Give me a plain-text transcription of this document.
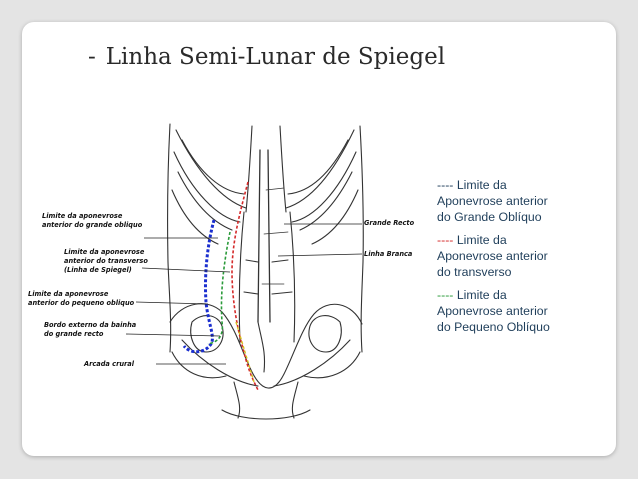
- Linha Semi-Lunar de Spiegel
Limite da aponevrose
anterior do grande obliquo
Limite da aponevrose
anterior do transverso
(Linha de Spiegel)
Limite da aponevrose
anterior do pequeno obliquo
Bordo externo da bainha
do grande recto
Arcada crural
Grande Recto
Linha Branca
---- Limite da
Aponevrose anterior
do Grande Oblíquo
---- Limite da
Aponevrose anterior
do transverso
---- Limite da
Aponevrose anterior
do Pequeno Oblíquo
